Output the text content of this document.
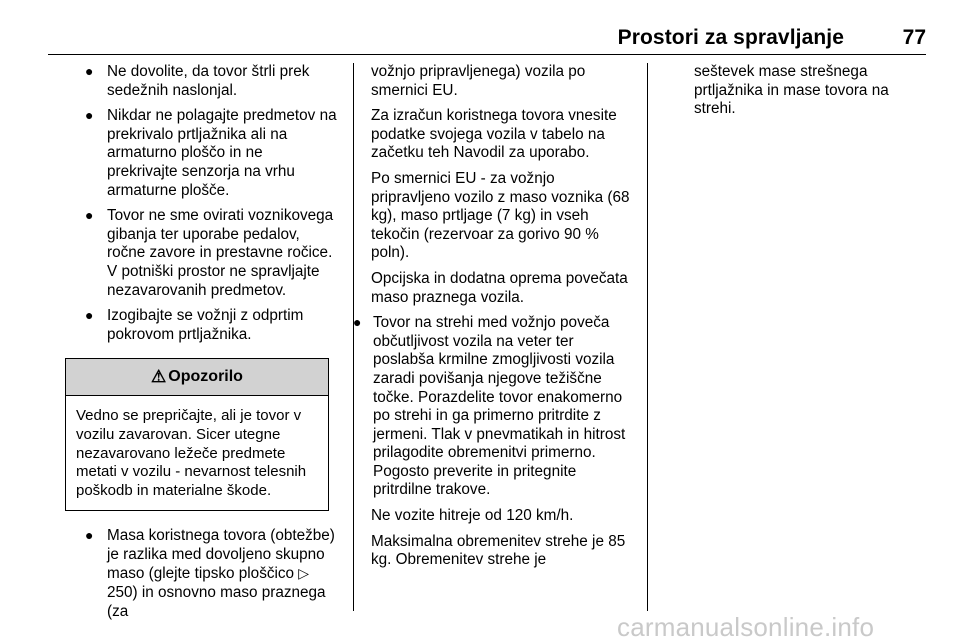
Prostori za spravljanje	77
● Ne dovolite, da tovor štrli prek sedežnih naslonjal.
● Nikdar ne polagajte predmetov na prekrivalo prtljažnika ali na armaturno ploščo in ne prekrivajte senzorja na vrhu armaturne plošče.
● Tovor ne sme ovirati voznikovega gibanja ter uporabe pedalov, ročne zavore in prestavne ročice. V potniški prostor ne spravljajte nezavarovanih predmetov.
● Izogibajte se vožnji z odprtim pokrovom prtljažnika.
⚠ Opozorilo
Vedno se prepričajte, ali je tovor v vozilu zavarovan. Sicer utegne nezavarovano ležeče predmete metati v vozilu - nevarnost telesnih poškodb in materialne škode.
● Masa koristnega tovora (obtežbe) je razlika med dovoljeno skupno maso (glejte tipsko ploščico ▷ 250) in osnovno maso praznega (za
vožnjo pripravljenega) vozila po smernici EU.
Za izračun koristnega tovora vnesite podatke svojega vozila v tabelo na začetku teh Navodil za uporabo.
Po smernici EU - za vožnjo pripravljeno vozilo z maso voznika (68 kg), maso prtljage (7 kg) in vseh tekočin (rezervoar za gorivo 90 % poln).
Opcijska in dodatna oprema povečata maso praznega vozila.
● Tovor na strehi med vožnjo poveča občutljivost vozila na veter ter poslabša krmilne zmogljivosti vozila zaradi povišanja njegove težiščne točke. Porazdelite tovor enakomerno po strehi in ga primerno pritrdite z jermeni. Tlak v pnevmatikah in hitrost prilagodite obremenitvi primerno. Pogosto preverite in pritegnite pritrdilne trakove.
Ne vozite hitreje od 120 km/h.
Maksimalna obremenitev strehe je 85 kg. Obremenitev strehe je
seštevek mase strešnega prtljažnika in mase tovora na strehi.
carmanualsonline.info
